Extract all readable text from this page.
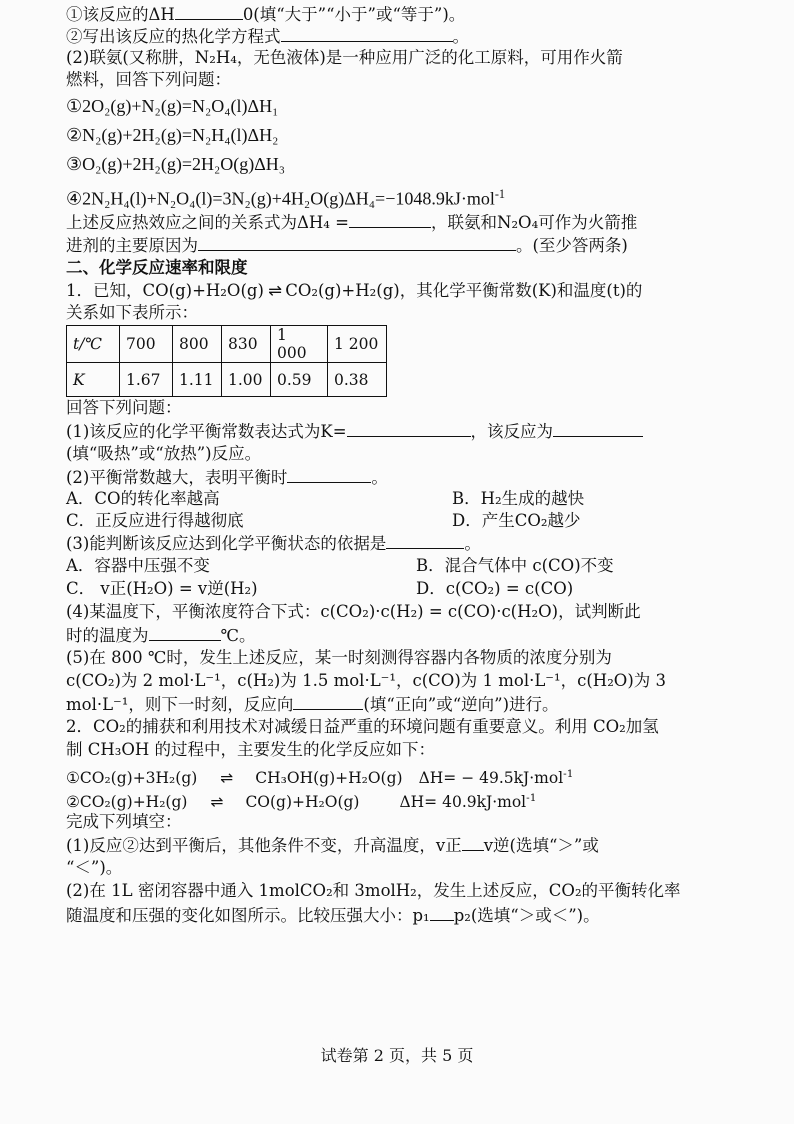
①该反应的ΔH	0(填“大于”“小于”或“等于”)。
②写出该反应的热化学方程式	。
(2)联氨(又称肼，N₂H₄，无色液体)是一种应用广泛的化工原料，可用作火箭
燃料，回答下列问题：
①2O₂(g)+N₂(g)=N₂O₄(l)ΔH₁
②N₂(g)+2H₂(g)=N₂H₄(l)ΔH₂
③O₂(g)+2H₂(g)=2H₂O(g)ΔH₃
④2N₂H₄(l)+N₂O₄(l)=3N₂(g)+4H₂O(g)ΔH₄=−1048.9kJ·mol$^{-1}$
上述反应热效应之间的关系式为ΔH₄ =	，联氨和N₂O₄可作为火箭推
进剂的主要原因为	。(至少答两条)
二、化学反应速率和限度
1．已知，CO(g)+H₂O(g) ⇌ CO₂(g)+H₂(g)，其化学平衡常数(K)和温度(t)的
关系如下表所示：
t/℃	700	800	830	1 000	1 200
K	1.67	1.11	1.00	0.59	0.38
回答下列问题：
(1)该反应的化学平衡常数表达式为K=	，该反应为
(填“吸热”或“放热”)反应。
(2)平衡常数越大，表明平衡时	。
A．CO的转化率越高	B．H₂生成的越快
C．正反应进行得越彻底	D．产生CO₂越少
(3)能判断该反应达到化学平衡状态的依据是	。
A．容器中压强不变	B．混合气体中 c(CO)不变
C． v正(H₂O) = v逆(H₂)	D．c(CO₂) = c(CO)
(4)某温度下，平衡浓度符合下式：c(CO₂)·c(H₂) = c(CO)·c(H₂O)，试判断此
时的温度为	℃。
(5)在 800 ℃时，发生上述反应，某一时刻测得容器内各物质的浓度分别为
c(CO₂)为 2 mol·L⁻¹，c(H₂)为 1.5 mol·L⁻¹，c(CO)为 1 mol·L⁻¹，c(H₂O)为 3
mol·L⁻¹，则下一时刻，反应向	(填“正向”或“逆向”)进行。
2．CO₂的捕获和利用技术对减缓日益严重的环境问题有重要意义。利用 CO₂加氢
制 CH₃OH 的过程中，主要发生的化学反应如下：
①CO₂(g)+3H₂(g) ⇌ CH₃OH(g)+H₂O(g) ΔH= − 49.5kJ·mol$^{-1}$
②CO₂(g)+H₂(g) ⇌ CO(g)+H₂O(g)	ΔH= 40.9kJ·mol$^{-1}$
完成下列填空：
(1)反应②达到平衡后，其他条件不变，升高温度，v正 v逆(选填“＞”或
“＜”)。
(2)在 1L 密闭容器中通入 1molCO₂和 3molH₂，发生上述反应，CO₂的平衡转化率
随温度和压强的变化如图所示。比较压强大小：p₁ p₂(选填“＞或＜”)。
试卷第 2 页，共 5 页
